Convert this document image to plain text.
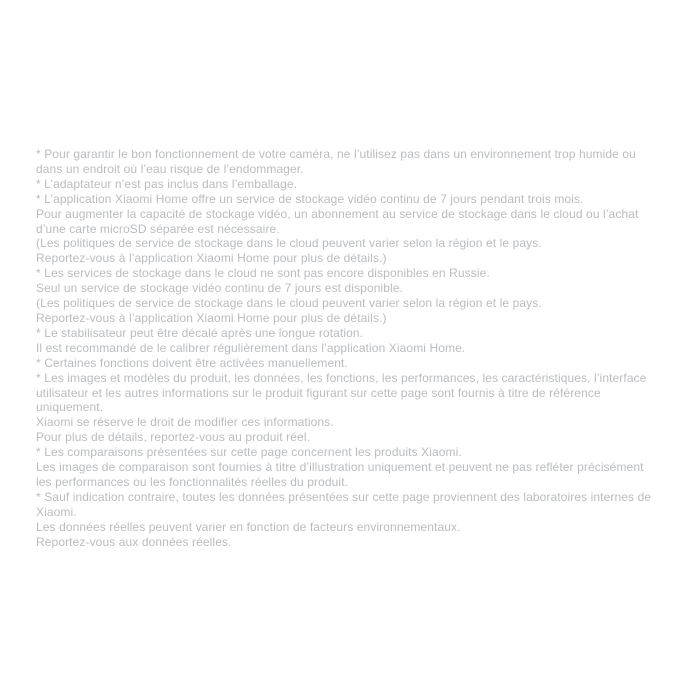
* Pour garantir le bon fonctionnement de votre caméra, ne l’utilisez pas dans un environnement trop humide ou
dans un endroit où l’eau risque de l’endommager.
* L’adaptateur n’est pas inclus dans l’emballage.
* L’application Xiaomi Home offre un service de stockage vidéo continu de 7 jours pendant trois mois.
Pour augmenter la capacité de stockage vidéo, un abonnement au service de stockage dans le cloud ou l’achat
d’une carte microSD séparée est nécessaire.
(Les politiques de service de stockage dans le cloud peuvent varier selon la région et le pays.
Reportez-vous à l’application Xiaomi Home pour plus de détails.)
* Les services de stockage dans le cloud ne sont pas encore disponibles en Russie.
Seul un service de stockage vidéo continu de 7 jours est disponible.
(Les politiques de service de stockage dans le cloud peuvent varier selon la région et le pays.
Reportez-vous à l’application Xiaomi Home pour plus de détails.)
* Le stabilisateur peut être décalé après une longue rotation.
Il est recommandé de le calibrer régulièrement dans l’application Xiaomi Home.
* Certaines fonctions doivent être activées manuellement.
* Les images et modèles du produit, les données, les fonctions, les performances, les caractéristiques, l’interface
utilisateur et les autres informations sur le produit figurant sur cette page sont fournis à titre de référence
uniquement.
Xiaomi se réserve le droit de modifier ces informations.
Pour plus de détails, reportez-vous au produit réel.
* Les comparaisons présentées sur cette page concernent les produits Xiaomi.
Les images de comparaison sont fournies à titre d’illustration uniquement et peuvent ne pas refléter précisément
les performances ou les fonctionnalités réelles du produit.
* Sauf indication contraire, toutes les données présentées sur cette page proviennent des laboratoires internes de
Xiaomi.
Les données réelles peuvent varier en fonction de facteurs environnementaux.
Reportez-vous aux données réelles.
